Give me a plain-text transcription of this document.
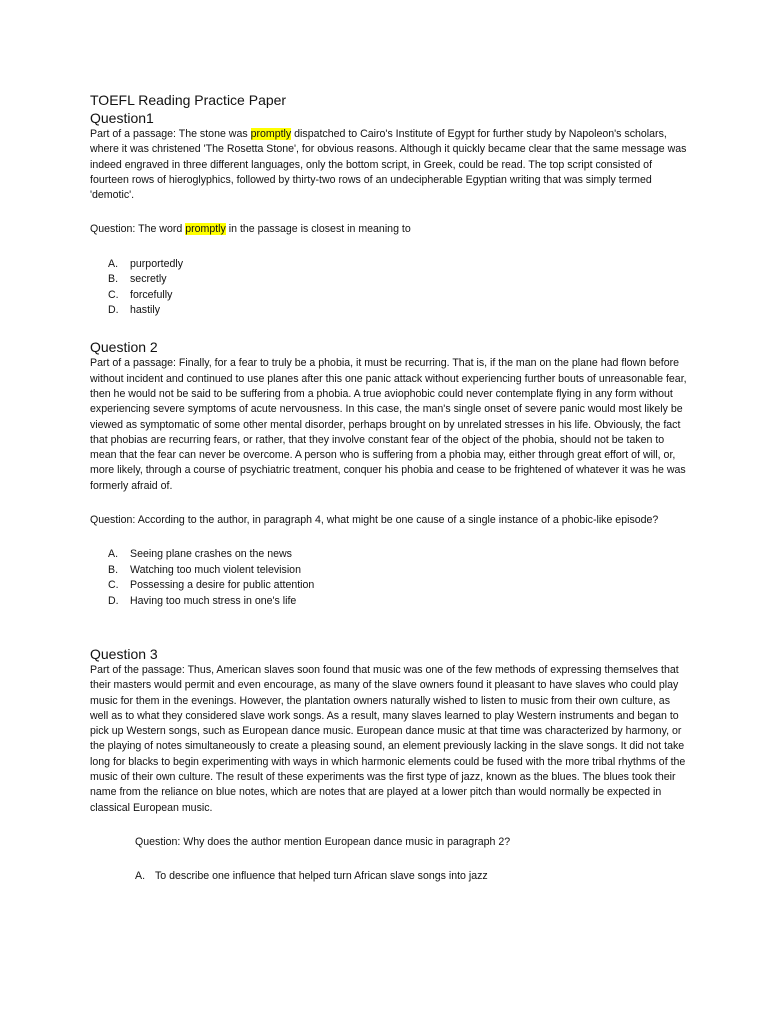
TOEFL Reading Practice Paper
Question1

Part of a passage: The stone was promptly dispatched to Cairo's Institute of Egypt for further study by Napoleon's scholars, where it was christened 'The Rosetta Stone', for obvious reasons. Although it quickly became clear that the same message was indeed engraved in three different languages, only the bottom script, in Greek, could be read. The top script consisted of fourteen rows of hieroglyphics, followed by thirty-two rows of an undecipherable Egyptian writing that was simply termed 'demotic'.

Question: The word promptly in the passage is closest in meaning to

A.	purportedly
B.	secretly
C.	forcefully
D.	hastily
Question 2

Part of a passage: Finally, for a fear to truly be a phobia, it must be recurring. That is, if the man on the plane had flown before without incident and continued to use planes after this one panic attack without experiencing further bouts of unreasonable fear, then he would not be said to be suffering from a phobia. A true aviophobic could never contemplate flying in any form without experiencing severe symptoms of acute nervousness. In this case, the man's single onset of severe panic would most likely be viewed as symptomatic of some other mental disorder, perhaps brought on by unrelated stresses in his life. Obviously, the fact that phobias are recurring fears, or rather, that they involve constant fear of the object of the phobia, should not be taken to mean that the fear can never be overcome. A person who is suffering from a phobia may, either through great effort of will, or, more likely, through a course of psychiatric treatment, conquer his phobia and cease to be frightened of whatever it was he was formerly afraid of.

Question: According to the author, in paragraph 4, what might be one cause of a single instance of a phobic-like episode?

A.	Seeing plane crashes on the news
B.	Watching too much violent television
C.	Possessing a desire for public attention
D.	Having too much stress in one's life
Question 3

Part of the passage: Thus, American slaves soon found that music was one of the few methods of expressing themselves that their masters would permit and even encourage, as many of the slave owners found it pleasant to have slaves who could play music for them in the evenings. However, the plantation owners naturally wished to listen to music from their own culture, as well as to what they considered slave work songs. As a result, many slaves learned to play Western instruments and began to pick up Western songs, such as European dance music. European dance music at that time was characterized by harmony, or the playing of notes simultaneously to create a pleasing sound, an element previously lacking in the slave songs. It did not take long for blacks to begin experimenting with ways in which harmonic elements could be fused with the more tribal rhythms of the music of their own culture. The result of these experiments was the first type of jazz, known as the blues. The blues took their name from the reliance on blue notes, which are notes that are played at a lower pitch than would normally be expected in classical European music.

Question: Why does the author mention European dance music in paragraph 2?

A. To describe one influence that helped turn African slave songs into jazz
